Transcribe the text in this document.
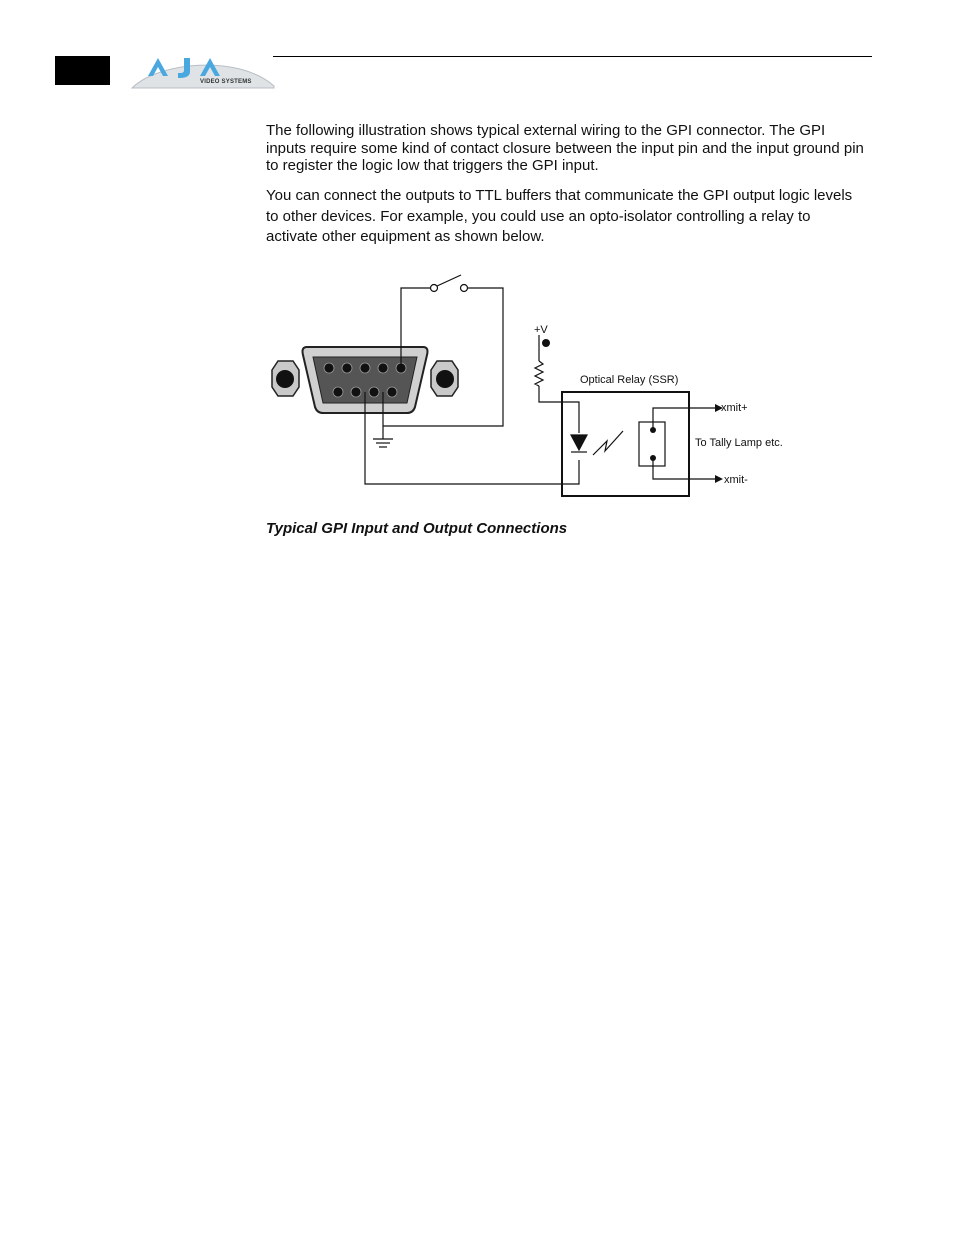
VIDEO SYSTEMS
The following illustration shows typical external wiring to the GPI connector. The GPI inputs require some kind of contact closure between the input pin and the input ground pin to register the logic low that triggers the GPI input.
You can connect the outputs to TTL buffers that communicate the GPI output logic levels to other devices. For example, you could use an opto-isolator controlling a relay to activate other equipment as shown below.
+V
Optical Relay (SSR)
xmit+
To Tally Lamp etc.
xmit-
Typical GPI Input and Output Connections
